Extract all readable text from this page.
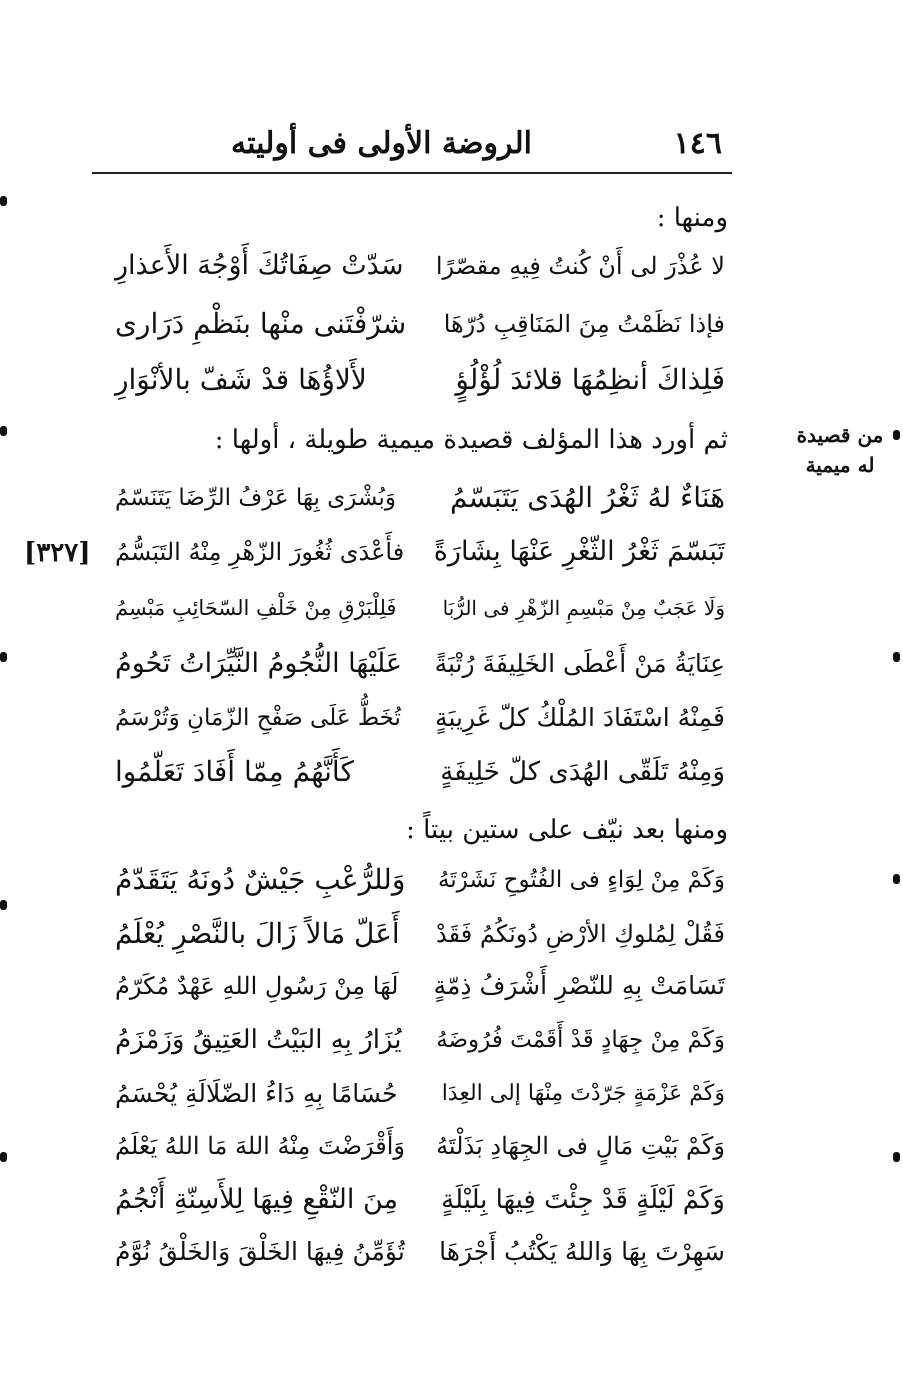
١٤٦
الروضة الأولى فى أوليته
ومنها :
لا عُذْرَ لى أَنْ كُنتُ فِيهِ مقصّرًا
سَدّتْ صِفَاتُكَ أَوْجُهَ الأَعذارِ
فإذا نَظَمْتُ مِنَ المَنَاقِبِ دُرّهَا
شرّفْتَنى منْها بنَظْمِ دَرَارى
فَلِذاكَ أنظِمُهَا قلائدَ لُؤْلُؤٍ
لأَلاؤُهَا قدْ شَفّ بالأنْوَارِ
من قصيدة له ميمية
[٣٢٧]
ثم أورد هذا المؤلف قصيدة ميمية طويلة ، أولها :
هَنَاءٌ لهُ ثَغْرُ الهُدَى يَتَبَسّمُ
وَبُشْرَى بِهَا عَرْفُ الرِّضَا يَتَنَسّمُ
تَبَسّمَ ثَغْرُ الثّغْرِ عَنْهَا بِشَارَةً
فأَعْدَى ثُغُورَ الزّهْرِ مِنْهُ التَبَسُّمُ
وَلَا عَجَبٌ مِنْ مَبْسِمِ الزّهْرِ فى الرُّبَا
فَلِلْبَرْقِ مِنْ خَلْفِ السّحَائِبِ مَبْسِمُ
عِنَايَةُ مَنْ أَعْطَى الخَلِيفَةَ رُتْبَةً
عَلَيْهَا النُّجُومُ النَّيِّرَاتُ تَحُومُ
فَمِنْهُ اسْتَفَادَ المُلْكُ كلّ غَرِيبَةٍ
تُخَطُّ عَلَى صَفْحِ الزّمَانِ وَتُرْسَمُ
وَمِنْهُ تَلَقّى الهُدَى كلّ خَلِيفَةٍ
كَأَنَّهُمُ مِمّا أَفَادَ تَعَلّمُوا
ومنها بعد نيّف على ستين بيتاً :
وَكَمْ مِنْ لِوَاءٍ فى الفُتُوحِ نَشَرْتَهُ
وَللرُّعْبِ جَيْشٌ دُونَهُ يَتَقَدّمُ
فَقُلْ لِمُلوكِ الأرْضِ دُونَكُمُ فَقَدْ
أَعَلّ مَالاً زَالَ بالنَّصْرِ يُعْلَمُ
تَسَامَتْ بِهِ للنّصْرِ أَشْرَفُ ذِمّةٍ
لَهَا مِنْ رَسُولِ اللهِ عَهْدٌ مُكَرّمُ
وَكَمْ مِنْ جِهَادٍ قَدْ أَقَمْتَ فُرُوضَهُ
يُزَارُ بِهِ البَيْتُ العَتِيقُ وَزَمْزَمُ
وَكَمْ عَزْمَةٍ جَرّدْتَ مِنْهَا إلى العِدَا
حُسَامًا بِهِ دَاءُ الضّلَالَةِ يُحْسَمُ
وَكَمْ بَيْتِ مَالٍ فى الجِهَادِ بَذَلْتَهُ
وَأَقْرَضْتَ مِنْهُ اللهَ مَا اللهُ يَعْلَمُ
وَكَمْ لَيْلَةٍ قَدْ جِئْتَ فِيهَا بِلَيْلَةٍ
مِنَ النّقْعِ فِيهَا لِلأَسِنّةِ أَنْجُمُ
سَهِرْتَ بِهَا وَاللهُ يَكْتُبُ أَجْرَهَا
تُؤَمِّنُ فِيهَا الخَلْقَ وَالخَلْقُ نُوَّمُ
